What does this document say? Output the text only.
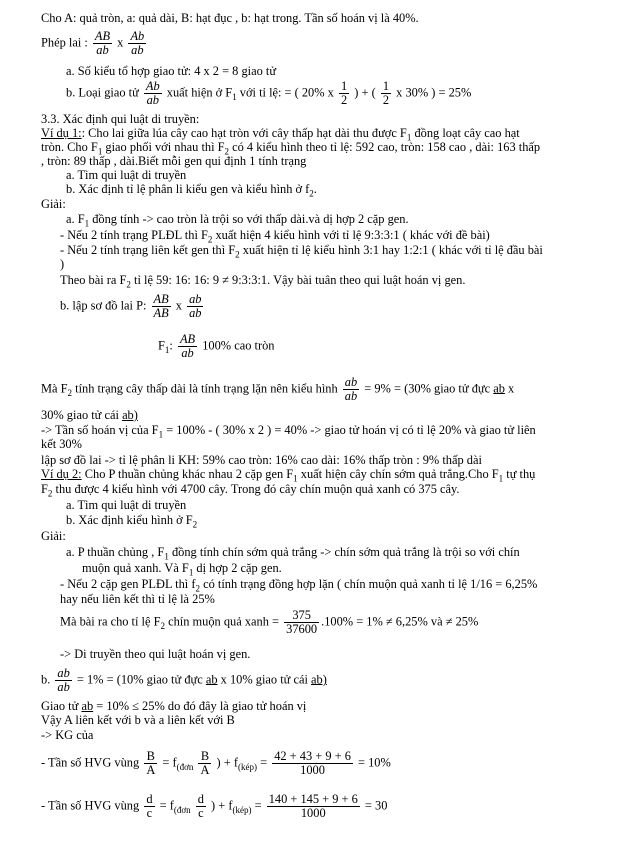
Cho A: quả tròn, a: quả dài, B: hạt đục , b: hạt trong. Tần số hoán vị là 40%.
Phép lai : $\frac{AB}{ab}$ x $\frac{Ab}{ab}$
a. Số kiểu tổ hợp giao tử: 4 x 2 = 8 giao tử
b. Loại giao tử $\frac{Ab}{ab}$ xuất hiện ở $F_1$ với tỉ lệ: = ( 20% x $\frac{1}{2}$ ) + ( $\frac{1}{2}$ x 30% ) = 25%
3.3. Xác định qui luật di truyền:
Ví dụ 1:: Cho lai giữa lúa cây cao hạt tròn với cây thấp hạt dài thu được $F_1$ đồng loạt cây cao hạt
tròn. Cho $F_1$ giao phối với nhau thì $F_2$ có 4 kiểu hình theo tỉ lệ: 592 cao, tròn: 158 cao , dài: 163 thấp
, tròn: 89 thấp , dài.Biết mỗi gen qui định 1 tính trạng
a. Tìm qui luật di truyền
b. Xác định tỉ lệ phân li kiểu gen và kiểu hình ở $f_2$.
Giải:
a. $F_1$ đồng tính -> cao tròn là trội so với thấp dài.và dị hợp 2 cặp gen.
- Nếu 2 tính trạng PLĐL thì $F_2$ xuất hiện 4 kiểu hình với tỉ lệ 9:3:3:1 ( khác với đề bài)
- Nếu 2 tính trạng liên kết gen thì $F_2$ xuất hiện tỉ lệ kiểu hình 3:1 hay 1:2:1 ( khác với tỉ lệ đầu bài
)
Theo bài ra $F_2$ tỉ lệ 59: 16: 16: 9 ≠ 9:3:3:1. Vậy bài tuân theo qui luật hoán vị gen.
b. lập sơ đồ lai P: $\frac{AB}{AB}$ x $\frac{ab}{ab}$
$F_1$: $\frac{AB}{ab} 100\%$ cao tròn
Mà $F_2$ tính trạng cây thấp dài là tính trạng lặn nên kiểu hình $\frac{ab}{ab} = 9\% = (30\%$ giao tử đực ab x
30% giao tử cái ab)
-> Tần số hoán vị của $F_1 = 100\%$ - ( 30% x 2 ) = 40% -> giao tử hoán vị có tỉ lệ 20% và giao tử liên
kết 30%
lập sơ đồ lai -> tỉ lệ phân li KH: 59% cao tròn: 16% cao dài: 16% thấp tròn : 9% thấp dài
Ví dụ 2: Cho P thuần chủng khác nhau 2 cặp gen $F_1$ xuất hiện cây chín sớm quả trắng.Cho $F_1$ tự thụ
$F_2$ thu được 4 kiểu hình với 4700 cây. Trong đó cây chín muộn quả xanh có 375 cây.
a. Tìm qui luật di truyền
b. Xác định kiểu hình ở $F_2$
Giải:
a. P thuần chủng , $F_1$ đồng tính chín sớm quả trắng -> chín sớm quả trắng là trội so với chín
muộn quả xanh. Và $F_1$ dị hợp 2 cặp gen.
- Nếu 2 cặp gen PLĐL thì $f_2$ có tính trạng đồng hợp lặn ( chín muộn quả xanh tỉ lệ 1/16 = 6,25%
hay nếu liên kết thì tỉ lệ là 25%
Mà bài ra cho tỉ lệ $F_2$ chín muộn quả xanh = $\frac{375}{37600} .100\% = 1\% \ne 6,25\%$ và ≠ 25%
-> Di truyền theo qui luật hoán vị gen.
b. $\frac{ab}{ab} = 1\% = (10\%$ giao tử đực ab x 10% giao tử cái ab)
Giao tử ab = 10% ≤ 25% do đó đây là giao tử hoán vị
Vậy A liên kết với b và a liên kết với B
-> KG của
- Tần số HVG vùng $\frac{B}{A} = f_{(đơn} \frac{B}{A}$ ) + $f_{(kép)} = \frac{42 + 43 + 9 + 6}{1000} = 10\%$
- Tần số HVG vùng $\frac{d}{c} = f_{(đơn} \frac{d}{c}$ ) + $f_{(kép)} = \frac{140 + 145 + 9 + 6}{1000} = 30$
